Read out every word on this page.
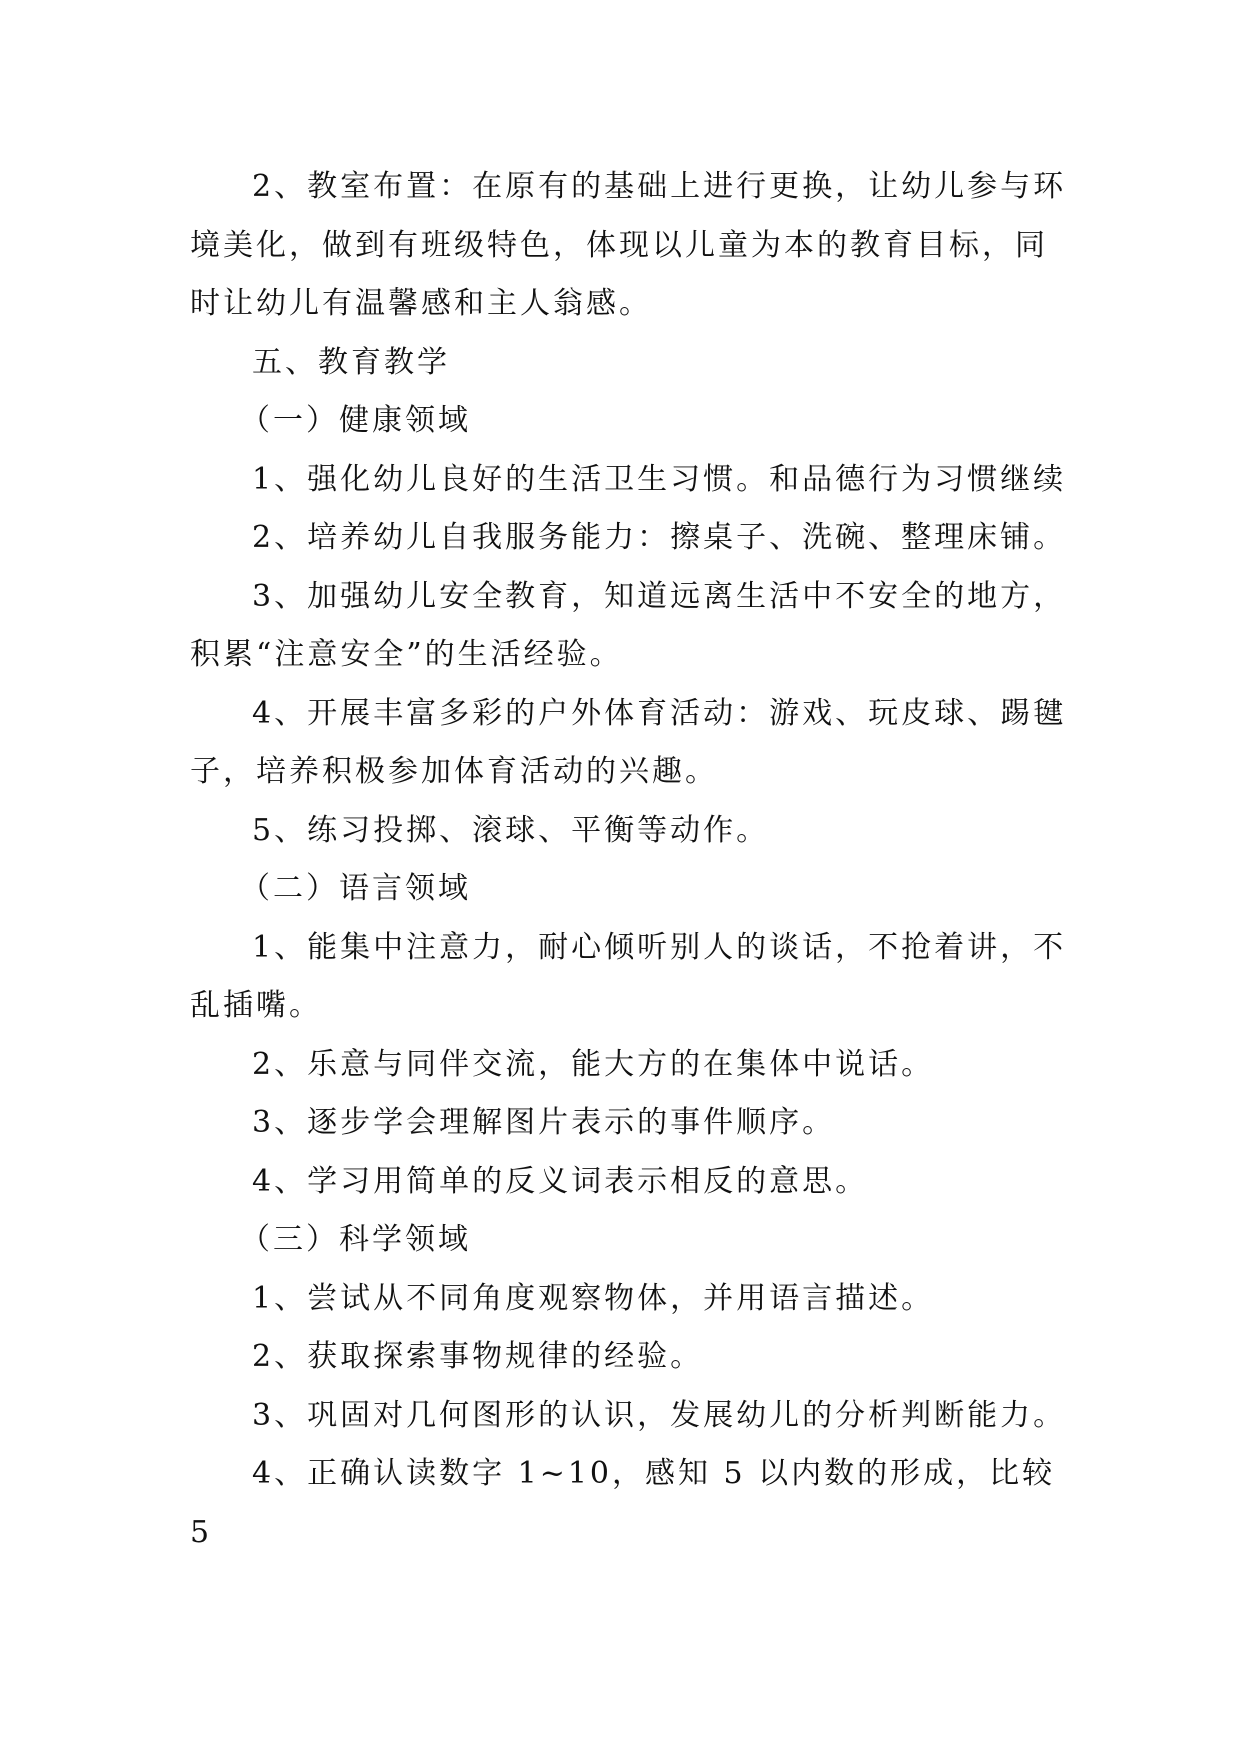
2、教室布置：在原有的基础上进行更换，让幼儿参与环境美化，做到有班级特色，体现以儿童为本的教育目标，同时让幼儿有温馨感和主人翁感。

五、教育教学

（一）健康领域

1、强化幼儿良好的生活卫生习惯。和品德行为习惯继续

2、培养幼儿自我服务能力：擦桌子、洗碗、整理床铺。

3、加强幼儿安全教育，知道远离生活中不安全的地方，积累“注意安全”的生活经验。

4、开展丰富多彩的户外体育活动：游戏、玩皮球、踢毽子，培养积极参加体育活动的兴趣。

5、练习投掷、滚球、平衡等动作。

（二）语言领域

1、能集中注意力，耐心倾听别人的谈话，不抢着讲，不乱插嘴。

2、乐意与同伴交流，能大方的在集体中说话。

3、逐步学会理解图片表示的事件顺序。

4、学习用简单的反义词表示相反的意思。

（三）科学领域

1、尝试从不同角度观察物体，并用语言描述。

2、获取探索事物规律的经验。

3、巩固对几何图形的认识，发展幼儿的分析判断能力。

4、正确认读数字 1~10，感知 5 以内数的形成，比较 5
